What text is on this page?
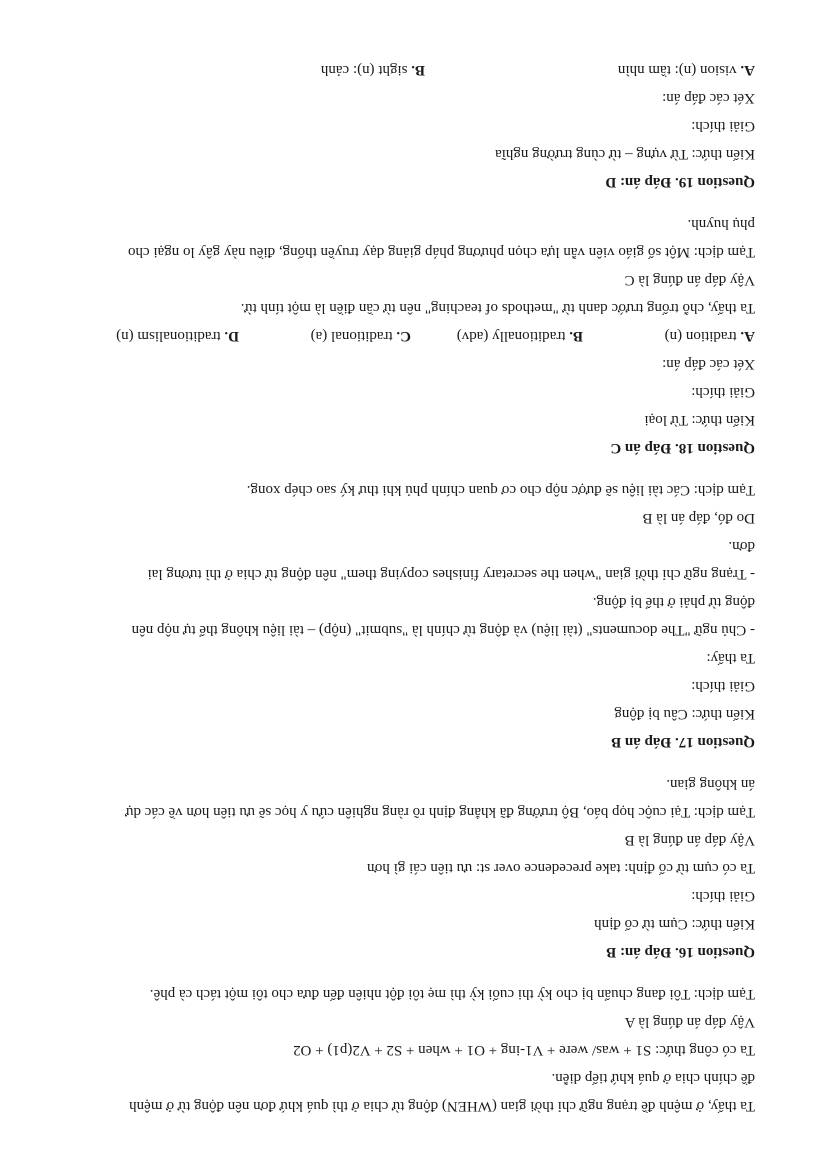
Ta thấy, ở mệnh đề trạng ngữ chỉ thời gian (WHEN) động từ chia ở thì quá khứ đơn nên động từ ở mệnh

đề chính chia ở quá khứ tiếp diễn.

Ta có công thức: S1 + was/ were + V1-ing + O1 + when + S2 + V2(p1) + O2

Vậy đáp án đúng là A

Tạm dịch: Tôi đang chuẩn bị cho kỳ thi cuối kỳ thì mẹ tôi đột nhiên đến đưa cho tôi một tách cà phê.

Question 16. Đáp án: B

Kiến thức: Cụm từ cố định

Giải thích:

Ta có cụm từ cố định: take precedence over st: ưu tiên cái gì hơn

Vậy đáp án đúng là B

Tạm dịch: Tại cuộc họp báo, Bộ trưởng đã khẳng định rõ ràng nghiên cứu y học sẽ ưu tiên hơn về các dự

án không gian.

Question 17. Đáp án B

Kiến thức: Câu bị động

Giải thích:

Ta thấy:

- Chủ ngữ "The documents" (tài liệu) và động từ chính là "submit" (nộp) – tài liệu không thể tự nộp nên

động từ phải ở thể bị động.

- Trạng ngữ chỉ thời gian "when the secretary finishes copying them" nên động từ chia ở thì tương lai

đơn.

Do đó, đáp án là B

Tạm dịch: Các tài liệu sẽ được nộp cho cơ quan chính phủ khi thư ký sao chép xong.

Question 18. Đáp án C

Kiến thức: Từ loại

Giải thích:

Xét các đáp án:

A. tradition (n)
B. traditionally (adv)
C. traditional (a)
D. traditionalism (n)

Ta thấy, chỗ trống trước danh từ "methods of teaching" nên từ cần điền là một tính từ.

Vậy đáp án đúng là C

Tạm dịch: Một số giáo viên vẫn lựa chọn phương pháp giảng dạy truyền thống, điều này gây lo ngại cho

phụ huynh.

Question 19. Đáp án: D

Kiến thức: Từ vựng – từ cùng trường nghĩa

Giải thích:

Xét các đáp án:

A. vision (n): tầm nhìn
B. sight (n): cảnh
